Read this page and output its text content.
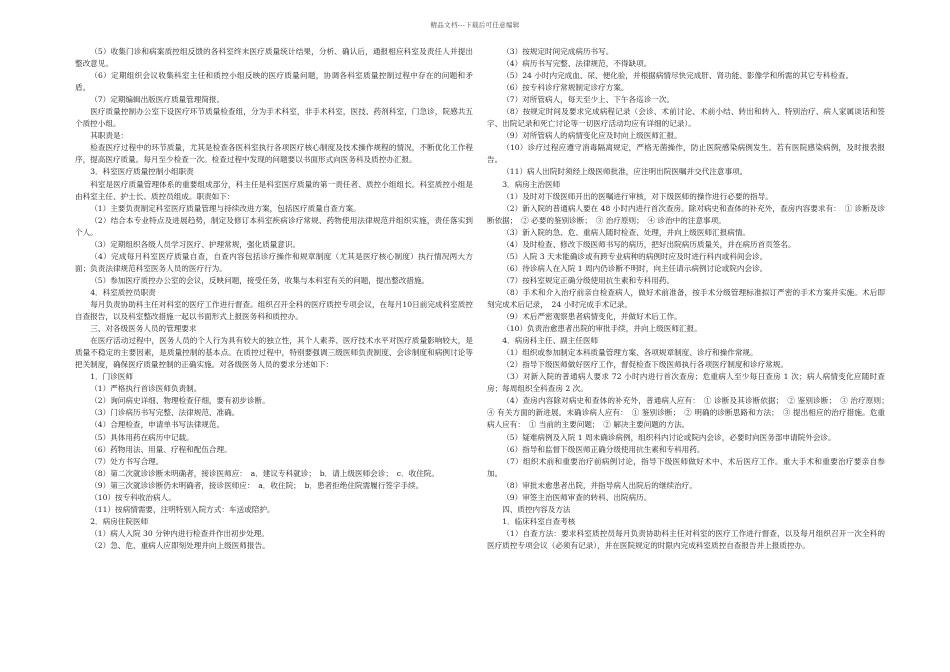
精品文档---下载后可任意编辑

（5）收集门诊和病案质控组反馈的各科室终末医疗质量统计结果，分析、确认后，通报相应科室及责任人并提出整改意见。

（6）定期组织会议收集科室主任和质控小组反映的医疗质量问题，协调各科室质量控制过程中存在的问题和矛盾。

（7）定期编辑出版医疗质量管理简报。

医疗质量控制办公室下设医疗环节质量检查组，分为手术科室，非手术科室，医技、药剂科室，门急诊，院感共五个质控小组。

其职责是：

检查医疗过程中的环节质量，尤其是检查各医科室执行各项医疗核心制度及技术操作规程的情况，不断优化工作程序，提高医疗质量。每月至少检查一次。检查过程中发现的问题要以书面形式向医务科及质控办汇报。

3．科室医疗质量控制小组职责

科室是医疗质量管理体系的重要组成部分，科主任是科室医疗质量的第一责任者、质控小组组长。科室质控小组是由科室主任、护士长、质控员组成。职责如下：

（1）主要负责制定科室医疗质量管理与持续改进方案，包括医疗质量自查方案。

（2）结合本专业特点及进展趋势，制定及修订本科室疾病诊疗常规、药物使用法律规范并组织实施，责任落实到个人。

（3）定期组织各级人员学习医疗、护理常规，强化质量意识。

（4）完成每月科室医疗质量自查，自查内容包括诊疗操作和规章制度（尤其是医疗核心制度）执行情况两大方面；负责法律规范科室医务人员的医疗行为。

（5）参加医疗质控办公室的会议，反映问题，接受任务，收集与本科室有关的问题，提出整改措施。

4．科室质控员职责

每月负责协助科主任对科室的医疗工作进行督查。组织召开全科的医疗质控专项会议，在每月10日前完成科室质控自查报告，以及科室整改措施一起以书面形式上报医务科和质控办。

三、对各级医务人员的管理要求

在医疗活动过程中，医务人员的个人行为具有较大的独立性，其个人素养、医疗技术水平对医疗质量影响较大，是质量不稳定的主要因素，是质量控制的基本点。在质控过程中，特别要强调三级医师负责制度、会诊制度和病例讨论等把关制度，确保医疗质量控制的正确实施。对各级医务人员的要求分述如下：

1．门诊医师

（1）严格执行首诊医师负责制。

（2）询问病史详细、物理检查仔细，要有初步诊断。

（3）门诊病历书写完整、法律规范、准确。

（4）合理检查，申请单书写法律规范。

（5）具体用药在病历中记载。

（6）药物用法、用量、疗程和配伍合理。

（7）处方书写合理。

（8）第二次就诊诊断未明确者，接诊医师应：　a．建议专科就诊；　b．请上级医师会诊；　c．收住院。

（9）第三次就诊诊断仍未明确者，接诊医师应：　a．收住院；　b．患者拒绝住院需履行签字手续。

（10）按专科收治病人。

（11）按病情需要，注明特别入院方式：车送或陪护。

2．病房住院医师

（1）病人入院 30 分钟内进行检查并作出初步处理。

（2）急、危、重病人应即刻处理并向上级医师报告。

（3）按规定时间完成病历书写。

（4）病历书写完整、法律规范，不得缺项。

（5）24 小时内完成血、尿、便化验，并根据病情尽快完成肝、肾功能、影像学和所需的其它专科检查。

（6）按专科诊疗常规制定诊疗方案。

（7）对所管病人，每天至少上、下午各巡诊一次。

（8）按规定时间及要求完成病程记录（会诊、术前讨论、术前小结、转出和转入、特别治疗、病人家属谈话和签字、出院记录和死亡讨论等一切医疗活动均应有详细的记录）。

（9）对所管病人的病情变化应及时向上级医师汇报。

（10）诊疗过程应遵守消毒隔离规定，严格无菌操作，防止医院感染病例发生。若有医院感染病例，及时报表报告。

（11）病人出院时须经上级医师批准，应注明出院医嘱并交代注意事项。

3．病房主治医师

（1）及时对下级医师开出的医嘱进行审核，对下级医师的操作进行必要的指导。

（2）新入院的普通病人要在 48 小时内进行首次查房。除对病史和查体的补充外，查房内容要求有：　① 诊断及诊断依据；　② 必要的鉴别诊断；　③ 治疗原则；　④ 诊治中的注意事项。

（3）新入院的急、危、重病人随时检查、处理，并向上级医师汇报病情。

（4）及时检查、修改下级医师书写的病历，把好出院病历质量关，并在病历首页签名。

（5）入院 3 天未能确诊或有跨专业病种的病例时应及时进行科内或科间会诊。

（6）待诊病人在入院 1 周内仍诊断不明时，向主任请示病例讨论或院内会诊。

（7）按科室规定正确分级使用抗生素和专科用药。

（8）手术和介入治疗前亲自检查病人，做好术前准备，按手术分级管理标准拟订严密的手术方案并实施。术后即刻完成术后记录，　24 小时完成手术记录。

（9）术后严密观察患者病情变化，并做好术后工作。

（10）负责治愈患者出院的审批手续，并向上级医师汇报。

4．病房科主任、副主任医师

（1）组织或参加制定本科质量管理方案、各项规章制度、诊疗和操作常规。

（2）指导下级医师做好医疗工作，督促检查下级医师执行各项医疗制度和诊疗常规。

（3）对新入院的普通病人要求 72 小时内进行首次查房；危重病人至少每日查房 1 次；病人病情变化应随时查房；每周组织全科查房 2 次。

（4）查房内容除对病史和查体的补充外，普通病人应有：　① 诊断及其诊断依据；　② 鉴别诊断；　③ 治疗原则；　④ 有关方面的新进展。未确诊病人应有：　① 鉴别诊断；　② 明确的诊断思路和方法；　③ 提出相应的治疗措施。危重病人应有：　① 当前的主要问题；　② 解决主要问题的方法。

（5）疑难病例及入院 1 周未确诊病例，组织科内讨论或院内会诊，必要时向医务部申请院外会诊。

（6）指导和监督下级医师正确分级使用抗生素和专科用药。

（7）组织术前和重要治疗前病例讨论，指导下级医师做好术中、术后医疗工作。重大手术和重要治疗要亲自参加。

（8）审批未愈患者出院，并指导病人出院后的继续治疗。

（9）审签主治医师审查的转科、出院病历。

四、质控内容及方法

1．临床科室自查考核

（1）自查方法：要求科室质控员每月负责协助科主任对科室的医疗工作进行督查，以及每月组织召开一次全科的医疗质控专项会议（必须有记录），并在医院规定的时限内完成科室质控自查报告并上报质控办。
